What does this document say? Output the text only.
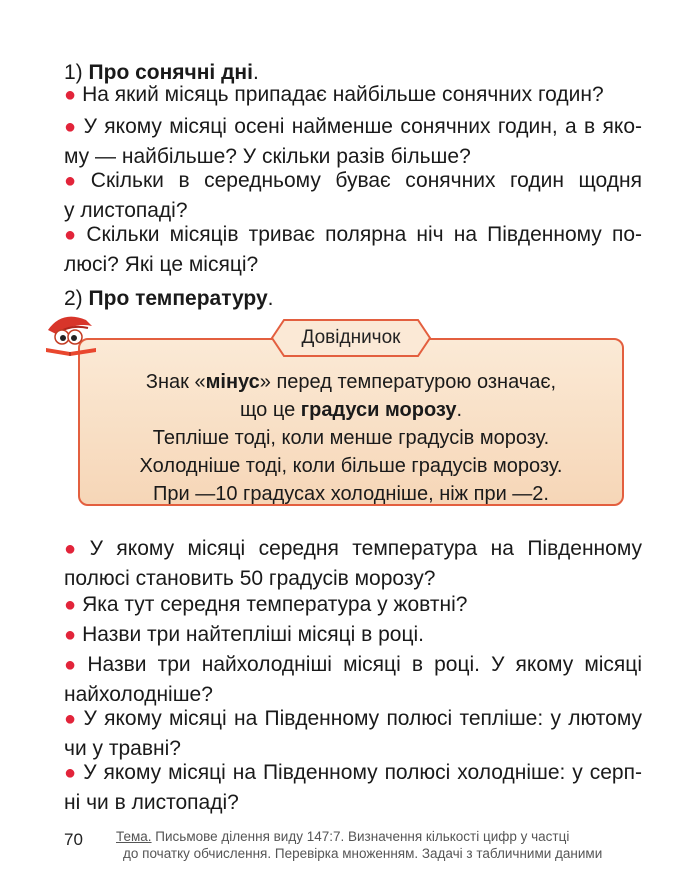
1) Про сонячні дні.
● На який місяць припадає найбільше сонячних годин?
● У якому місяці осені найменше сонячних годин, а в яко-
му — найбільше? У скільки разів більше?
● Скільки в середньому буває сонячних годин щодня
у листопаді?
● Скільки місяців триває полярна ніч на Південному по-
люсі? Які це місяці?
2) Про температуру.
Довідничок
Знак «мінус» перед температурою означає,
що це градуси морозу.
Тепліше тоді, коли менше градусів морозу.
Холодніше тоді, коли більше градусів морозу.
При —10 градусах холодніше, ніж при —2.
● У якому місяці середня температура на Південному
полюсі становить 50 градусів морозу?
● Яка тут середня температура у жовтні?
● Назви три найтепліші місяці в році.
● Назви три найхолодніші місяці в році. У якому місяці
найхолодніше?
● У якому місяці на Південному полюсі тепліше: у лютому
чи у травні?
● У якому місяці на Південному полюсі холодніше: у серп-
ні чи в листопаді?
70 Тема. Письмове ділення виду 147:7. Визначення кількості цифр у частці
до початку обчислення. Перевірка множенням. Задачі з табличними даними
